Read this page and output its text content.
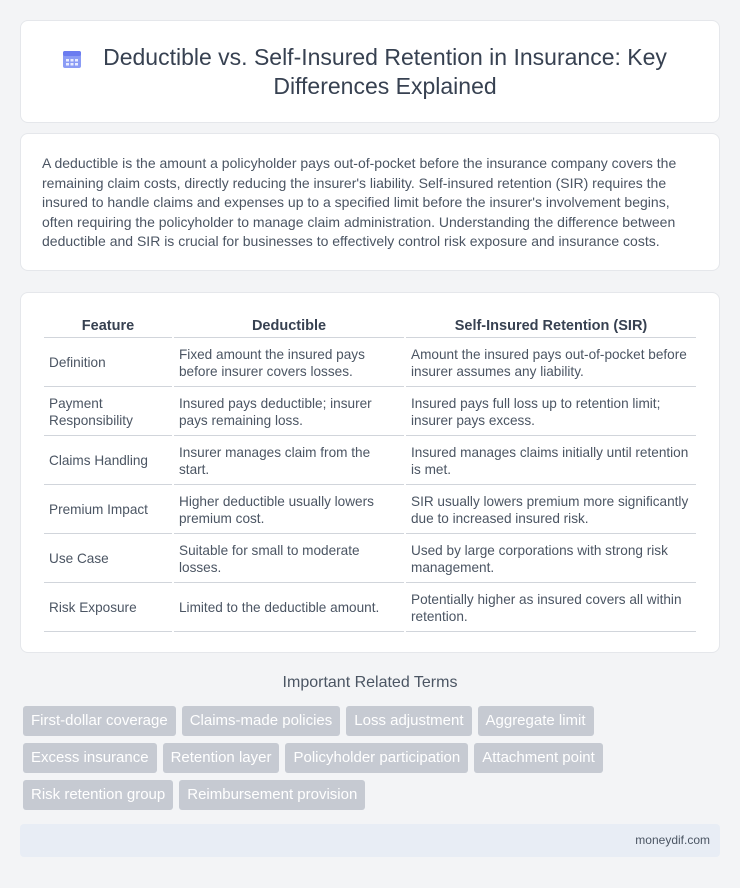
Deductible vs. Self-Insured Retention in Insurance: Key Differences Explained

A deductible is the amount a policyholder pays out-of-pocket before the insurance company covers the remaining claim costs, directly reducing the insurer's liability. Self-insured retention (SIR) requires the insured to handle claims and expenses up to a specified limit before the insurer's involvement begins, often requiring the policyholder to manage claim administration. Understanding the difference between deductible and SIR is crucial for businesses to effectively control risk exposure and insurance costs.

Feature	Deductible	Self-Insured Retention (SIR)
Definition	Fixed amount the insured pays before insurer covers losses.	Amount the insured pays out-of-pocket before insurer assumes any liability.
Payment Responsibility	Insured pays deductible; insurer pays remaining loss.	Insured pays full loss up to retention limit; insurer pays excess.
Claims Handling	Insurer manages claim from the start.	Insured manages claims initially until retention is met.
Premium Impact	Higher deductible usually lowers premium cost.	SIR usually lowers premium more significantly due to increased insured risk.
Use Case	Suitable for small to moderate losses.	Used by large corporations with strong risk management.
Risk Exposure	Limited to the deductible amount.	Potentially higher as insured covers all within retention.
Important Related Terms
First-dollar coverage	Claims-made policies	Loss adjustment	Aggregate limit
Excess insurance	Retention layer	Policyholder participation	Attachment point
Risk retention group	Reimbursement provision
moneydif.com
